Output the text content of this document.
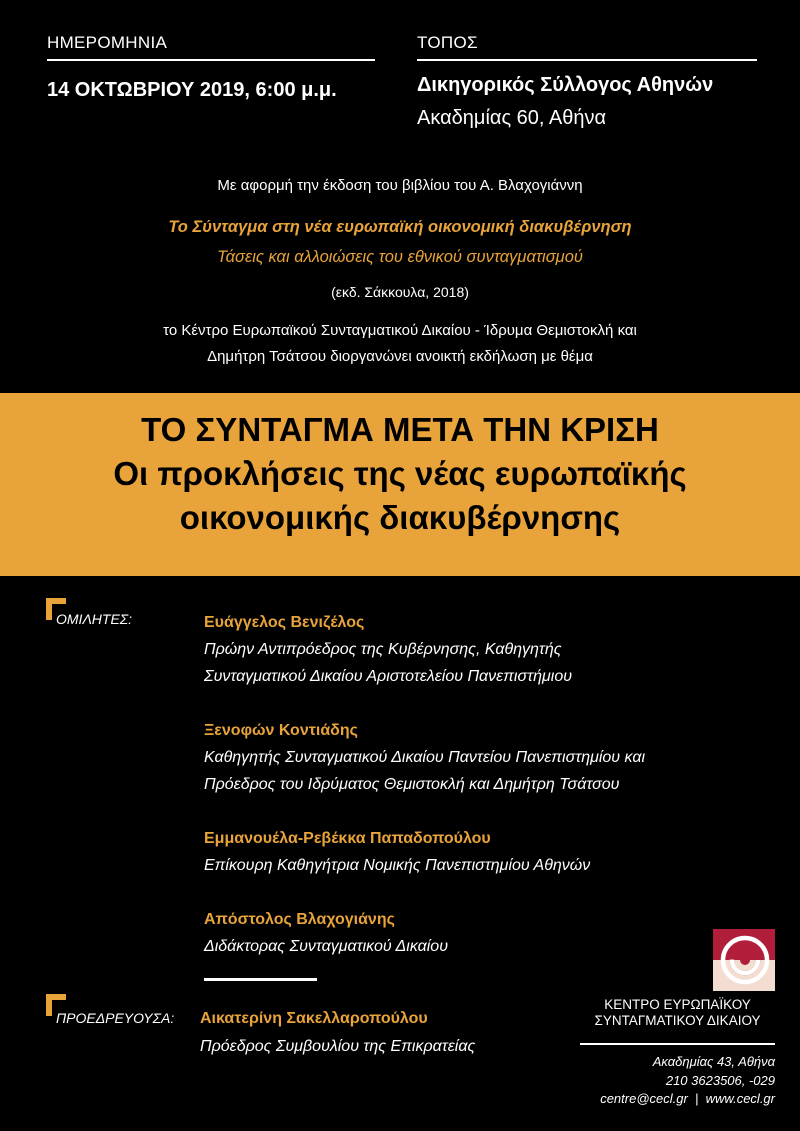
ΗΜΕΡΟΜΗΝΙΑ	ΤΟΠΟΣ
14 ΟΚΤΩΒΡΙΟΥ 2019, 6:00 μ.μ.	Δικηγορικός Σύλλογος Αθηνών
Ακαδημίας 60, Αθήνα
Με αφορμή την έκδοση του βιβλίου του Α. Βλαχογιάννη
Το Σύνταγμα στη νέα ευρωπαϊκή οικονομική διακυβέρνηση
Τάσεις και αλλοιώσεις του εθνικού συνταγματισμού
(εκδ. Σάκκουλα, 2018)
το Κέντρο Ευρωπαϊκού Συνταγματικού Δικαίου - Ίδρυμα Θεμιστοκλή και
Δημήτρη Τσάτσου διοργανώνει ανοικτή εκδήλωση με θέμα
ΤΟ ΣΥΝΤΑΓΜΑ ΜΕΤΑ ΤΗΝ ΚΡΙΣΗ
Οι προκλήσεις της νέας ευρωπαϊκής
οικονομικής διακυβέρνησης
ΟΜΙΛΗΤΕΣ:	Ευάγγελος Βενιζέλος
Πρώην Αντιπρόεδρος της Κυβέρνησης, Καθηγητής
Συνταγματικού Δικαίου Αριστοτελείου Πανεπιστήμιου
Ξενοφών Κοντιάδης
Καθηγητής Συνταγματικού Δικαίου Παντείου Πανεπιστημίου και
Πρόεδρος του Ιδρύματος Θεμιστοκλή και Δημήτρη Τσάτσου
Εμμανουέλα-Ρεβέκκα Παπαδοπούλου
Επίκουρη Καθηγήτρια Νομικής Πανεπιστημίου Αθηνών
Απόστολος Βλαχογιάνης
Διδάκτορας Συνταγματικού Δικαίου
ΠΡΟΕΔΡΕΥΟΥΣΑ: Αικατερίνη Σακελλαροπούλου
Πρόεδρος Συμβουλίου της Επικρατείας
ΚΕΝΤΡΟ ΕΥΡΩΠΑΪΚΟΥ
ΣΥΝΤΑΓΜΑΤΙΚΟΥ ΔΙΚΑΙΟΥ
Ακαδημίας 43, Αθήνα
210 3623506, -029
centre@cecl.gr  |  www.cecl.gr
